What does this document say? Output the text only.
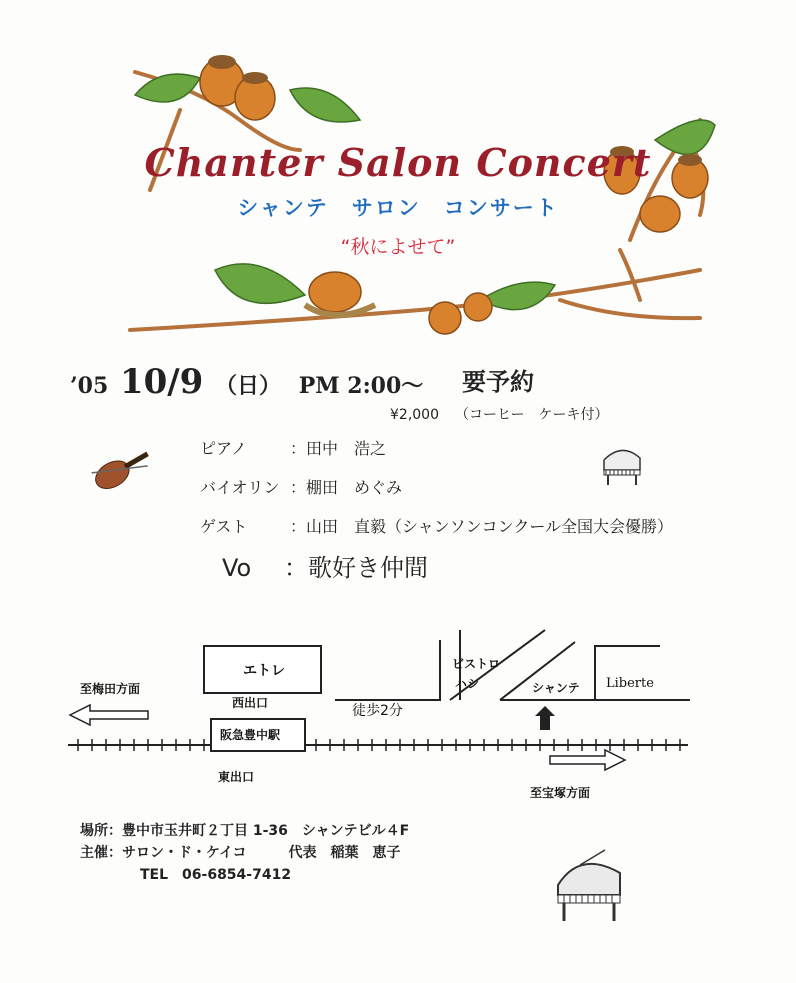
Chanter Salon Concert
シャンテ　サロン　コンサート
“秋によせて”
’05 10/9 （日） PM 2:00～ 要予約
¥2,000 （コーヒー　ケーキ付）
ピアノ	：田中　浩之
バイオリン ：棚田　めぐみ
ゲスト	：山田　直毅（シャンソンコンクール全国大会優勝）
Vo ：歌好き仲間
エトレ
阪急豊中駅
至梅田方面
西出口
東出口
徒歩2分
ビストロ
ハシ	シャンテ Liberte
至宝塚方面
場所：豊中市玉井町２丁目 1-36　シャンテビル４F
主催：サロン・ド・ケイコ　　　代表　稲葉　恵子
TEL　06-6854-7412
